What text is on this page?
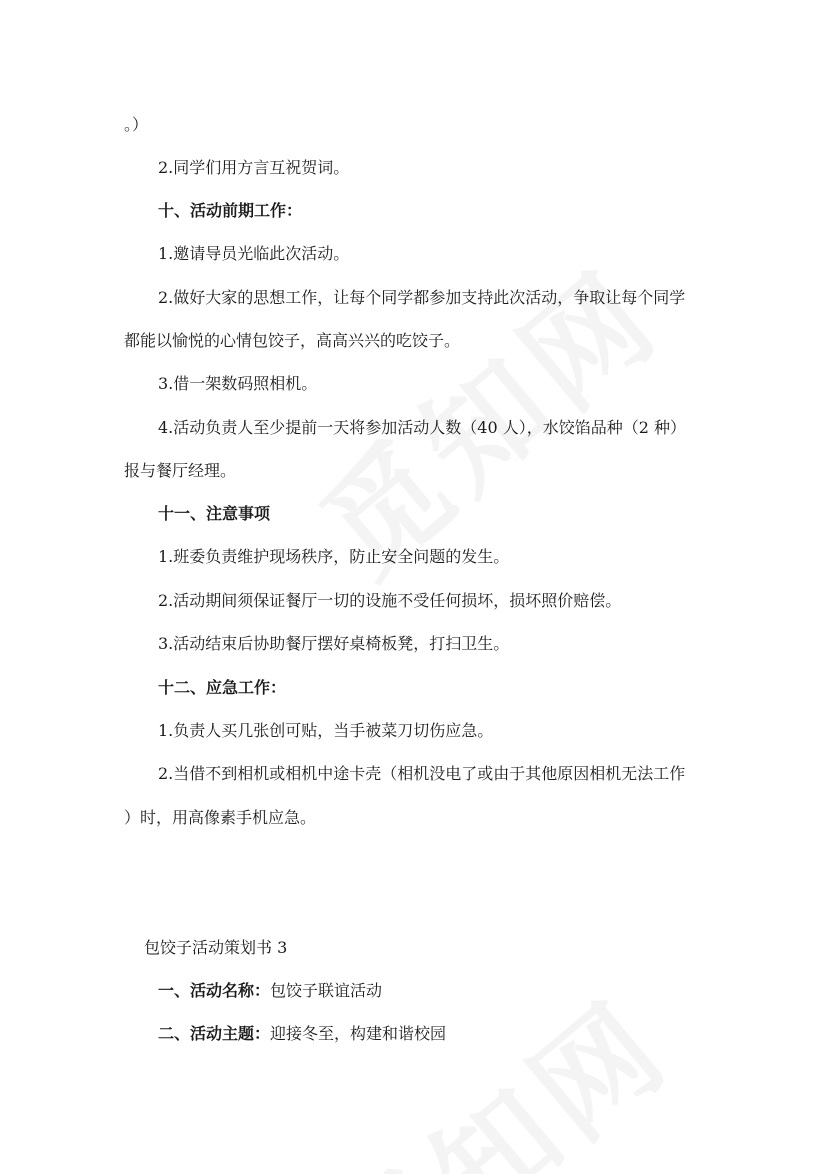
。）
2.同学们用方言互祝贺词。
十、活动前期工作：
1.邀请导员光临此次活动。
2.做好大家的思想工作，让每个同学都参加支持此次活动，争取让每个同学
都能以愉悦的心情包饺子，高高兴兴的吃饺子。
3.借一架数码照相机。
4.活动负责人至少提前一天将参加活动人数（40 人），水饺馅品种（2 种）
报与餐厅经理。
十一、注意事项
1.班委负责维护现场秩序，防止安全问题的发生。
2.活动期间须保证餐厅一切的设施不受任何损坏，损坏照价赔偿。
3.活动结束后协助餐厅摆好桌椅板凳，打扫卫生。
十二、应急工作：
1.负责人买几张创可贴，当手被菜刀切伤应急。
2.当借不到相机或相机中途卡壳（相机没电了或由于其他原因相机无法工作
）时，用高像素手机应急。
包饺子活动策划书 3
一、活动名称：包饺子联谊活动
二、活动主题：迎接冬至，构建和谐校园
